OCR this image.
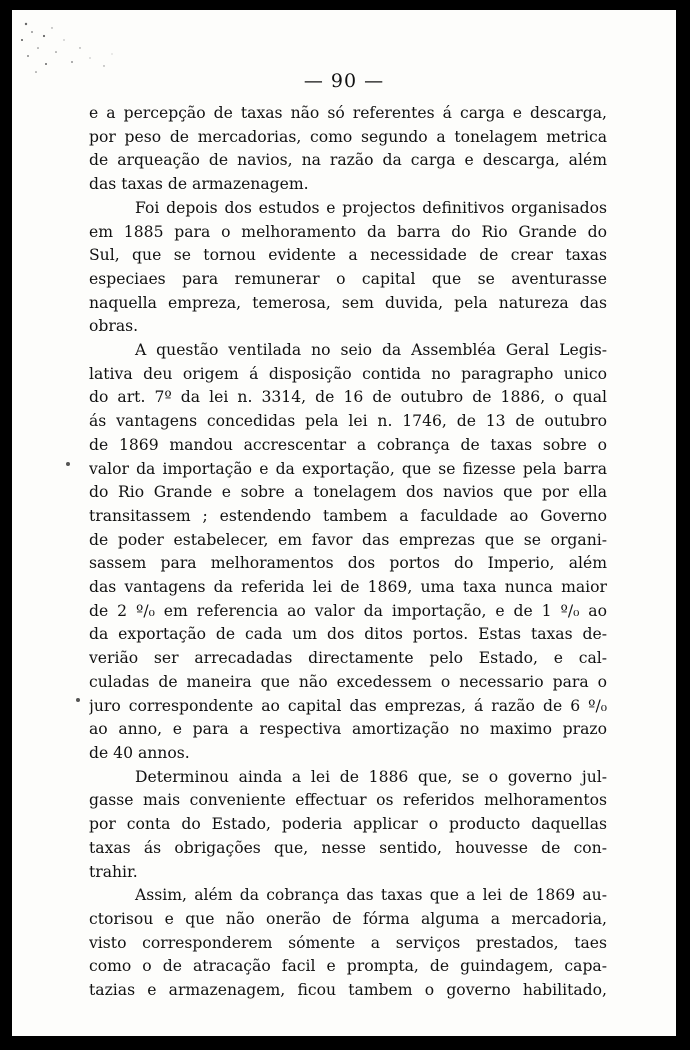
— 90 —
e a percepção de taxas não só referentes á carga e descarga,
por peso de mercadorias, como segundo a tonelagem metrica
de arqueação de navios, na razão da carga e descarga, além
das taxas de armazenagem.
Foi depois dos estudos e projectos definitivos organisados
em 1885 para o melhoramento da barra do Rio Grande do
Sul, que se tornou evidente a necessidade de crear taxas
especiaes para remunerar o capital que se aventurasse
naquella empreza, temerosa, sem duvida, pela natureza das
obras.
A questão ventilada no seio da Assembléa Geral Legis-
lativa deu origem á disposição contida no paragrapho unico
do art. 7º da lei n. 3314, de 16 de outubro de 1886, o qual
ás vantagens concedidas pela lei n. 1746, de 13 de outubro
de 1869 mandou accrescentar a cobrança de taxas sobre o
valor da importação e da exportação, que se fizesse pela barra
do Rio Grande e sobre a tonelagem dos navios que por ella
transitassem ; estendendo tambem a faculdade ao Governo
de poder estabelecer, em favor das emprezas que se organi-
sassem para melhoramentos dos portos do Imperio, além
das vantagens da referida lei de 1869, uma taxa nunca maior
de 2 º/₀ em referencia ao valor da importação, e de 1 º/₀ ao
da exportação de cada um dos ditos portos. Estas taxas de-
verião ser arrecadadas directamente pelo Estado, e cal-
culadas de maneira que não excedessem o necessario para o
juro correspondente ao capital das emprezas, á razão de 6 º/₀
ao anno, e para a respectiva amortização no maximo prazo
de 40 annos.
Determinou ainda a lei de 1886 que, se o governo jul-
gasse mais conveniente effectuar os referidos melhoramentos
por conta do Estado, poderia applicar o producto daquellas
taxas ás obrigações que, nesse sentido, houvesse de con-
trahir.
Assim, além da cobrança das taxas que a lei de 1869 au-
ctorisou e que não onerão de fórma alguma a mercadoria,
visto corresponderem sómente a serviços prestados, taes
como o de atracação facil e prompta, de guindagem, capa-
tazias e armazenagem, ficou tambem o governo habilitado,
